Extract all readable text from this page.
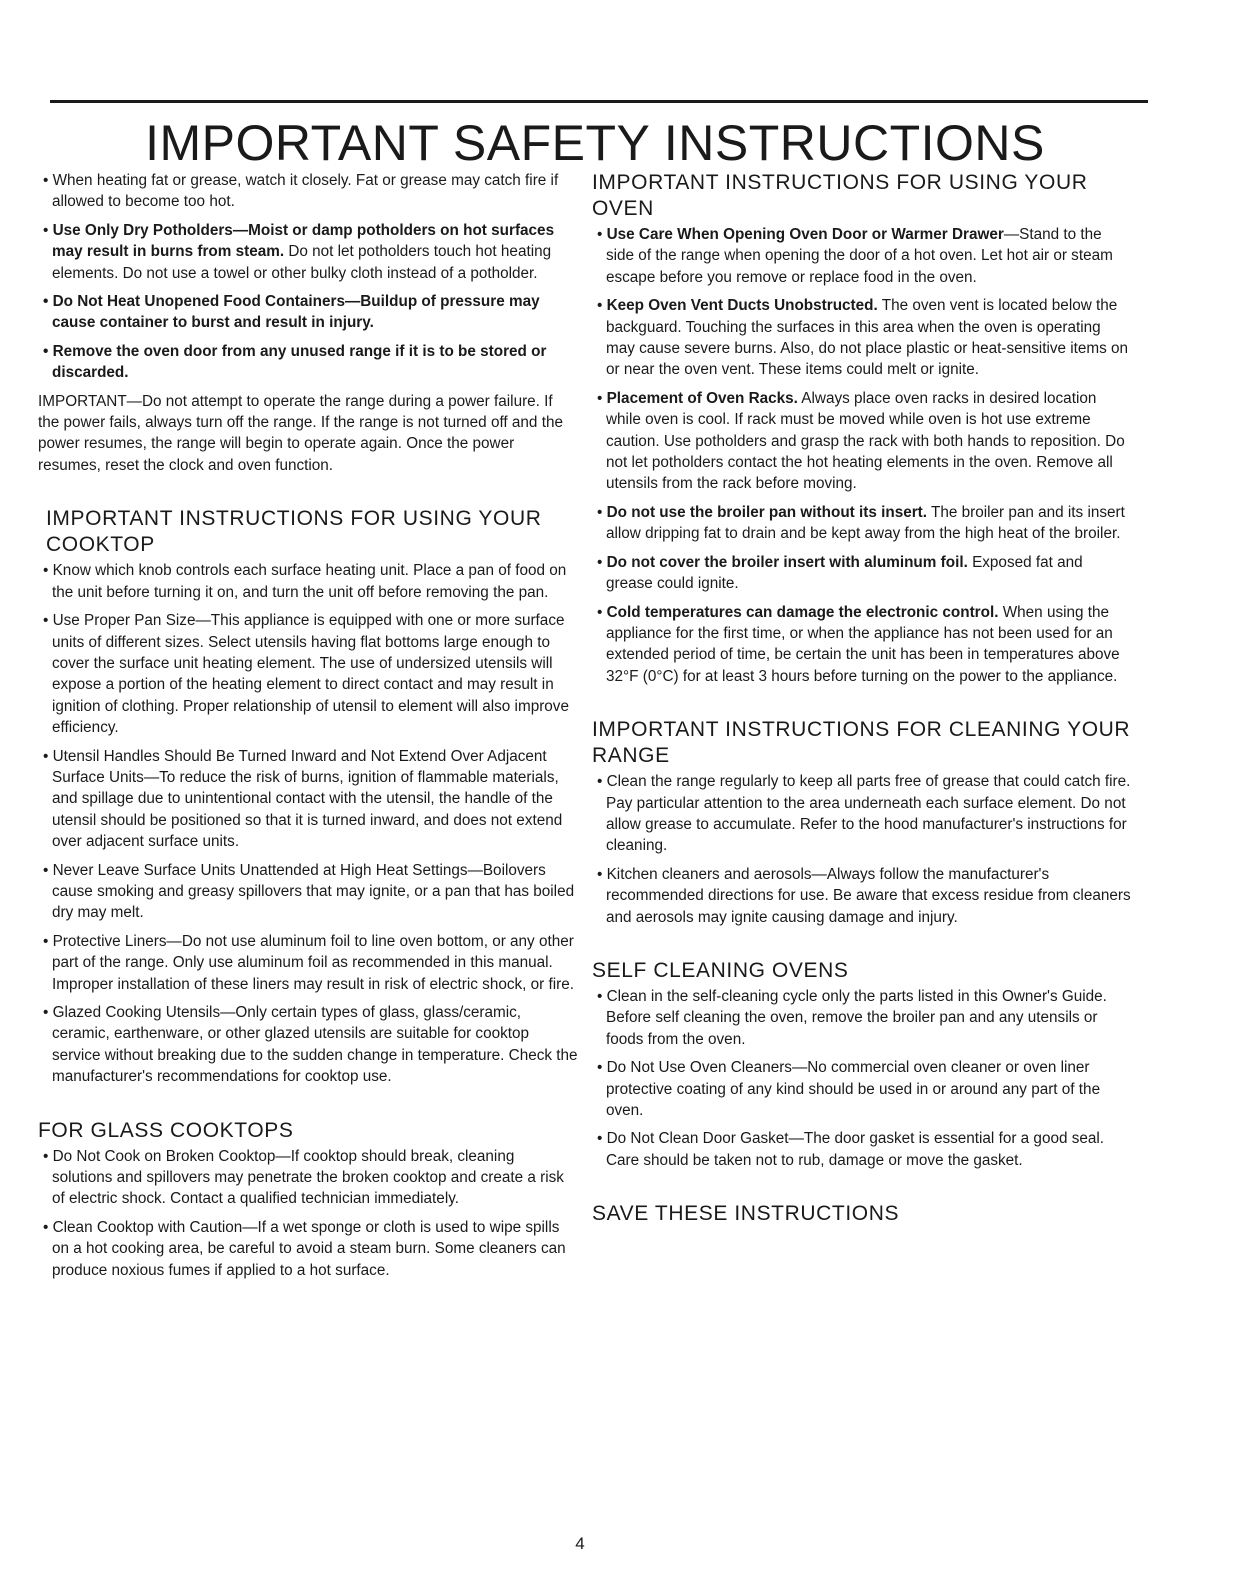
IMPORTANT SAFETY INSTRUCTIONS

• When heating fat or grease, watch it closely. Fat or grease may catch fire if allowed to become too hot.

• Use Only Dry Potholders—Moist or damp potholders on hot surfaces may result in burns from steam. Do not let potholders touch hot heating elements. Do not use a towel or other bulky cloth instead of a potholder.

• Do Not Heat Unopened Food Containers—Buildup of pressure may cause container to burst and result in injury.

• Remove the oven door from any unused range if it is to be stored or discarded.

IMPORTANT—Do not attempt to operate the range during a power failure. If the power fails, always turn off the range. If the range is not turned off and the power resumes, the range will begin to operate again. Once the power resumes, reset the clock and oven function.

IMPORTANT INSTRUCTIONS FOR USING YOUR COOKTOP

• Know which knob controls each surface heating unit. Place a pan of food on the unit before turning it on, and turn the unit off before removing the pan.

• Use Proper Pan Size—This appliance is equipped with one or more surface units of different sizes. Select utensils having flat bottoms large enough to cover the surface unit heating element. The use of undersized utensils will expose a portion of the heating element to direct contact and may result in ignition of clothing. Proper relationship of utensil to element will also improve efficiency.

• Utensil Handles Should Be Turned Inward and Not Extend Over Adjacent Surface Units—To reduce the risk of burns, ignition of flammable materials, and spillage due to unintentional contact with the utensil, the handle of the utensil should be positioned so that it is turned inward, and does not extend over adjacent surface units.

• Never Leave Surface Units Unattended at High Heat Settings—Boilovers cause smoking and greasy spillovers that may ignite, or a pan that has boiled dry may melt.

• Protective Liners—Do not use aluminum foil to line oven bottom, or any other part of the range. Only use aluminum foil as recommended in this manual. Improper installation of these liners may result in risk of electric shock, or fire.

• Glazed Cooking Utensils—Only certain types of glass, glass/ceramic, ceramic, earthenware, or other glazed utensils are suitable for cooktop service without breaking due to the sudden change in temperature. Check the manufacturer's recommendations for cooktop use.

FOR GLASS COOKTOPS

• Do Not Cook on Broken Cooktop—If cooktop should break, cleaning solutions and spillovers may penetrate the broken cooktop and create a risk of electric shock. Contact a qualified technician immediately.

• Clean Cooktop with Caution—If a wet sponge or cloth is used to wipe spills on a hot cooking area, be careful to avoid a steam burn. Some cleaners can produce noxious fumes if applied to a hot surface.

IMPORTANT INSTRUCTIONS FOR USING YOUR OVEN

• Use Care When Opening Oven Door or Warmer Drawer—Stand to the side of the range when opening the door of a hot oven. Let hot air or steam escape before you remove or replace food in the oven.

• Keep Oven Vent Ducts Unobstructed. The oven vent is located below the backguard. Touching the surfaces in this area when the oven is operating may cause severe burns. Also, do not place plastic or heat-sensitive items on or near the oven vent. These items could melt or ignite.

• Placement of Oven Racks. Always place oven racks in desired location while oven is cool. If rack must be moved while oven is hot use extreme caution. Use potholders and grasp the rack with both hands to reposition. Do not let potholders contact the hot heating elements in the oven. Remove all utensils from the rack before moving.

• Do not use the broiler pan without its insert. The broiler pan and its insert allow dripping fat to drain and be kept away from the high heat of the broiler.

• Do not cover the broiler insert with aluminum foil. Exposed fat and grease could ignite.

• Cold temperatures can damage the electronic control. When using the appliance for the first time, or when the appliance has not been used for an extended period of time, be certain the unit has been in temperatures above 32°F (0°C) for at least 3 hours before turning on the power to the appliance.

IMPORTANT INSTRUCTIONS FOR CLEANING YOUR RANGE

• Clean the range regularly to keep all parts free of grease that could catch fire. Pay particular attention to the area underneath each surface element. Do not allow grease to accumulate. Refer to the hood manufacturer's instructions for cleaning.

• Kitchen cleaners and aerosols—Always follow the manufacturer's recommended directions for use. Be aware that excess residue from cleaners and aerosols may ignite causing damage and injury.

SELF CLEANING OVENS

• Clean in the self-cleaning cycle only the parts listed in this Owner's Guide. Before self cleaning the oven, remove the broiler pan and any utensils or foods from the oven.

• Do Not Use Oven Cleaners—No commercial oven cleaner or oven liner protective coating of any kind should be used in or around any part of the oven.

• Do Not Clean Door Gasket—The door gasket is essential for a good seal. Care should be taken not to rub, damage or move the gasket.

SAVE THESE INSTRUCTIONS
4
